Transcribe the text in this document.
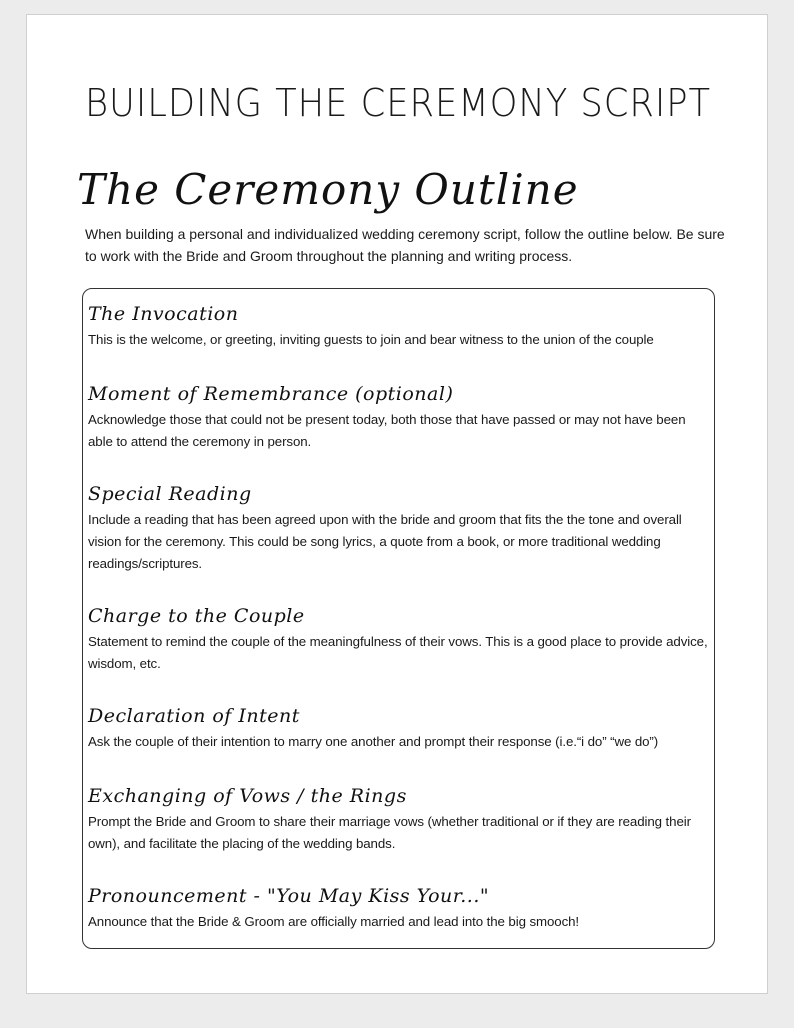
BUILDING THE CEREMONY SCRIPT
The Ceremony Outline
When building a personal and individualized wedding ceremony script, follow the outline below. Be sure to work with the Bride and Groom throughout the planning and writing process.
The Invocation
This is the welcome, or greeting, inviting guests to join and bear witness to the union of the couple
Moment of Remembrance (optional)
Acknowledge those that could not be present today, both those that have passed or may not have been able to attend the ceremony in person.
Special Reading
Include a reading that has been agreed upon with the bride and groom that fits the the tone and overall vision for the ceremony. This could be song lyrics, a quote from a book, or more traditional wedding readings/scriptures.
Charge to the Couple
Statement to remind the couple of the meaningfulness of their vows. This is a good place to provide advice, wisdom, etc.
Declaration of Intent
Ask the couple of their intention to marry one another and prompt their response (i.e.“i do” “we do”)
Exchanging of Vows / the Rings
Prompt the Bride and Groom to share their marriage vows (whether traditional or if they are reading their own), and facilitate the placing of the wedding bands.
Pronouncement - "You May Kiss Your..."
Announce that the Bride & Groom are officially married and lead into the big smooch!
